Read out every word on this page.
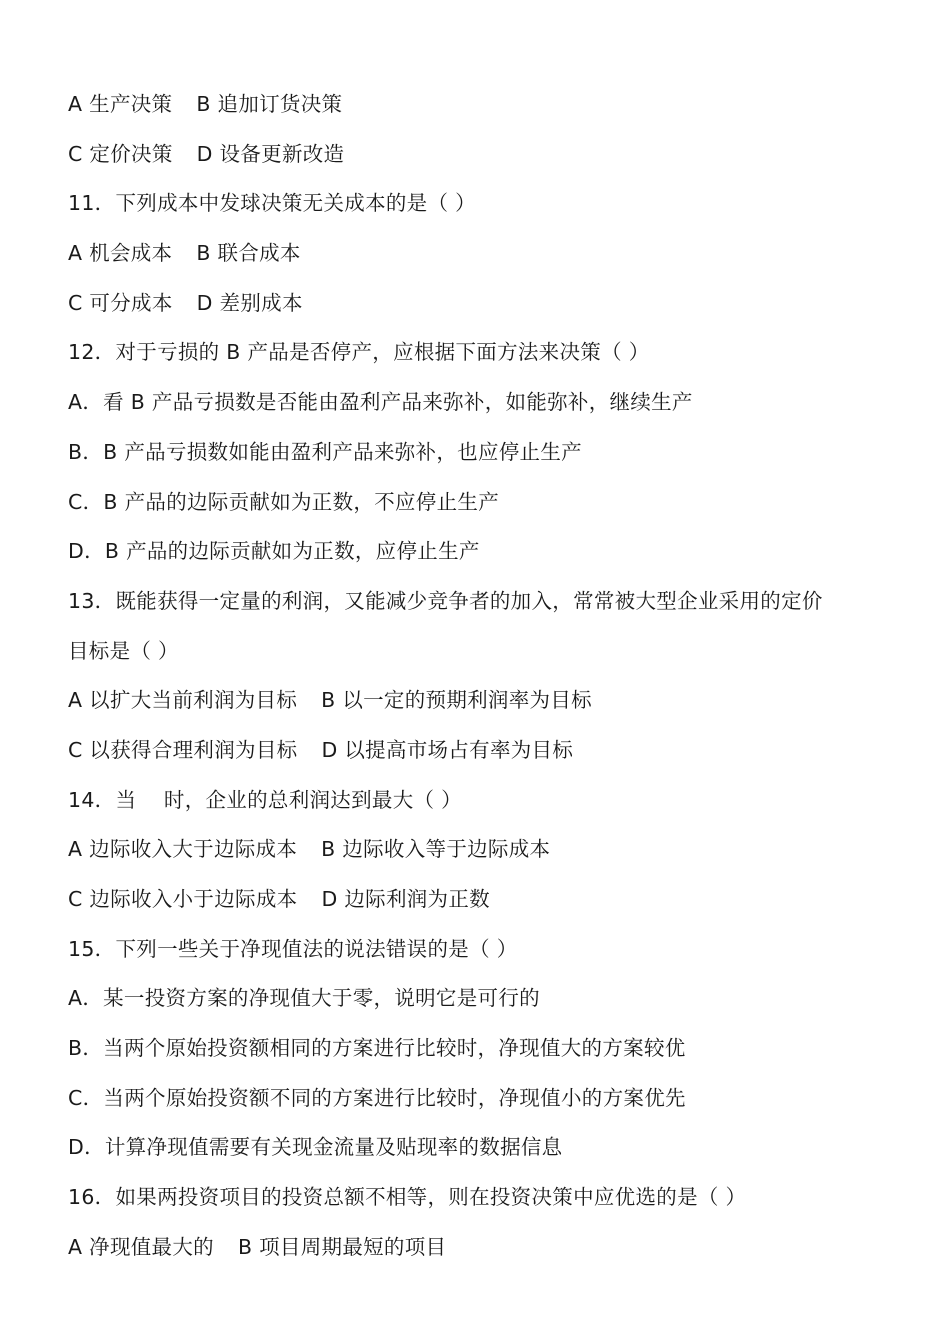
A 生产决策 B 追加订货决策
C 定价决策 D 设备更新改造
11．下列成本中发球决策无关成本的是（ ）
A 机会成本 B 联合成本
C 可分成本 D 差别成本
12．对于亏损的 B 产品是否停产，应根据下面方法来决策（ ）
A．看 B 产品亏损数是否能由盈利产品来弥补，如能弥补，继续生产
B．B 产品亏损数如能由盈利产品来弥补，也应停止生产
C．B 产品的边际贡献如为正数，不应停止生产
D．B 产品的边际贡献如为正数，应停止生产
13．既能获得一定量的利润，又能减少竞争者的加入，常常被大型企业采用的定价
目标是（ ）
A 以扩大当前利润为目标 B 以一定的预期利润率为目标
C 以获得合理利润为目标 D 以提高市场占有率为目标
14．当　 时，企业的总利润达到最大（ ）
A 边际收入大于边际成本 B 边际收入等于边际成本
C 边际收入小于边际成本 D 边际利润为正数
15．下列一些关于净现值法的说法错误的是（ ）
A．某一投资方案的净现值大于零，说明它是可行的
B．当两个原始投资额相同的方案进行比较时，净现值大的方案较优
C．当两个原始投资额不同的方案进行比较时，净现值小的方案优先
D．计算净现值需要有关现金流量及贴现率的数据信息
16．如果两投资项目的投资总额不相等，则在投资决策中应优选的是（ ）
A 净现值最大的 B 项目周期最短的项目
